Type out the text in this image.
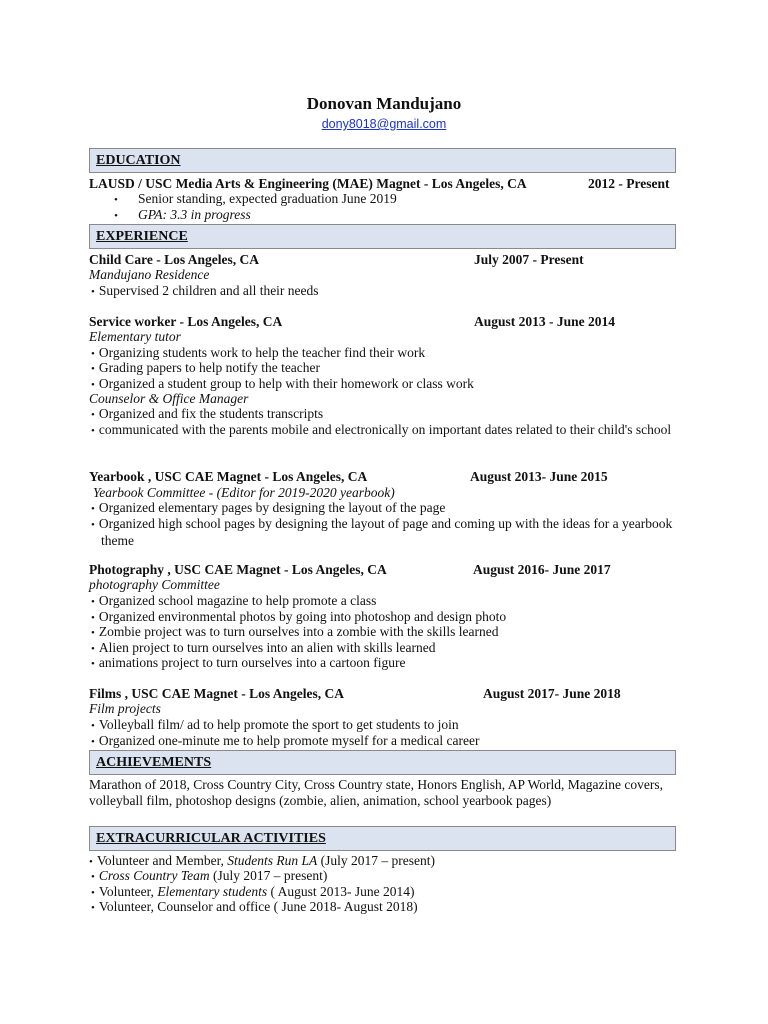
Donovan Mandujano
dony8018@gmail.com
EDUCATION
LAUSD / USC Media Arts & Engineering (MAE) Magnet - Los Angeles, CA	2012 - Present
• Senior standing, expected graduation June 2019
• GPA: 3.3 in progress
EXPERIENCE
Child Care - Los Angeles, CA	July 2007 - Present
Mandujano Residence
• Supervised 2 children and all their needs
Service worker - Los Angeles, CA	August 2013 - June 2014
Elementary tutor
• Organizing students work to help the teacher find their work
• Grading papers to help notify the teacher
• Organized a student group to help with their homework or class work
Counselor & Office Manager
• Organized and fix the students transcripts
• communicated with the parents mobile and electronically on important dates related to their child's school
Yearbook , USC CAE Magnet - Los Angeles, CA	August 2013- June 2015
Yearbook Committee - (Editor for 2019-2020 yearbook)
• Organized elementary pages by designing the layout of the page
• Organized high school pages by designing the layout of page and coming up with the ideas for a yearbook theme
Photography , USC CAE Magnet - Los Angeles, CA	August 2016- June 2017
photography Committee
• Organized school magazine to help promote a class
• Organized environmental photos by going into photoshop and design photo
• Zombie project was to turn ourselves into a zombie with the skills learned
• Alien project to turn ourselves into an alien with skills learned
• animations project to turn ourselves into a cartoon figure
Films , USC CAE Magnet - Los Angeles, CA	August 2017- June 2018
Film projects
• Volleyball film/ ad to help promote the sport to get students to join
• Organized one-minute me to help promote myself for a medical career
ACHIEVEMENTS
Marathon of 2018, Cross Country City, Cross Country state, Honors English, AP World, Magazine covers, volleyball film, photoshop designs (zombie, alien, animation, school yearbook pages)
EXTRACURRICULAR ACTIVITIES
• Volunteer and Member, Students Run LA (July 2017 – present)
• Cross Country Team (July 2017 – present)
• Volunteer, Elementary students ( August 2013- June 2014)
• Volunteer, Counselor and office ( June 2018- August 2018)
